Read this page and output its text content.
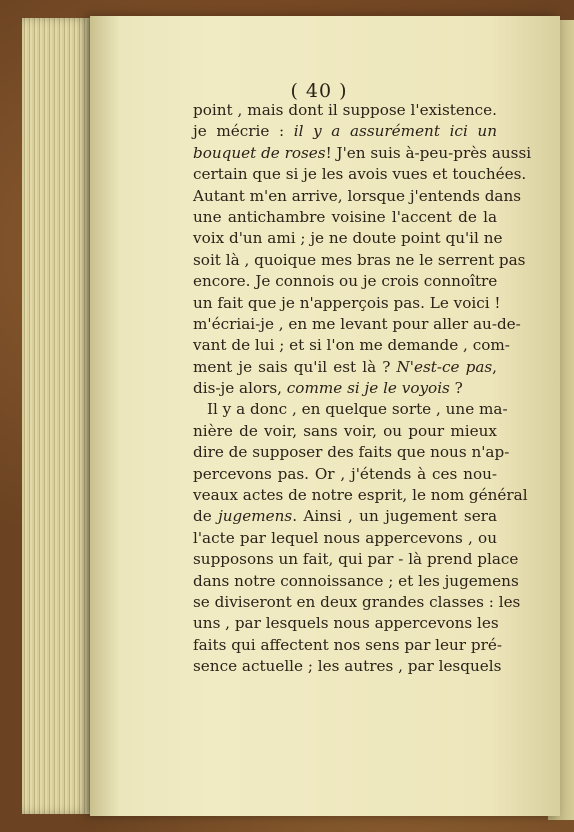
( 40 )
point , mais dont il suppose l'existence.
je mécrie : il y a assurément ici un
bouquet de roses! J'en suis à-peu-près aussi
certain que si je les avois vues et touchées.
Autant m'en arrive, lorsque j'entends dans
une antichambre voisine l'accent de la
voix d'un ami ; je ne doute point qu'il ne
soit là , quoique mes bras ne le serrent pas
encore. Je connois ou je crois connoître
un fait que je n'apperçois pas. Le voici !
m'écriai-je , en me levant pour aller au-de-
vant de lui ; et si l'on me demande , com-
ment je sais qu'il est là ? N'est-ce pas,
dis-je alors, comme si je le voyois ?
Il y a donc , en quelque sorte , une ma-
nière de voir, sans voir, ou pour mieux
dire de supposer des faits que nous n'ap-
percevons pas. Or , j'étends à ces nou-
veaux actes de notre esprit, le nom général
de jugemens. Ainsi , un jugement sera
l'acte par lequel nous appercevons , ou
supposons un fait, qui par - là prend place
dans notre connoissance ; et les jugemens
se diviseront en deux grandes classes : les
uns , par lesquels nous appercevons les
faits qui affectent nos sens par leur pré-
sence actuelle ; les autres , par lesquels
